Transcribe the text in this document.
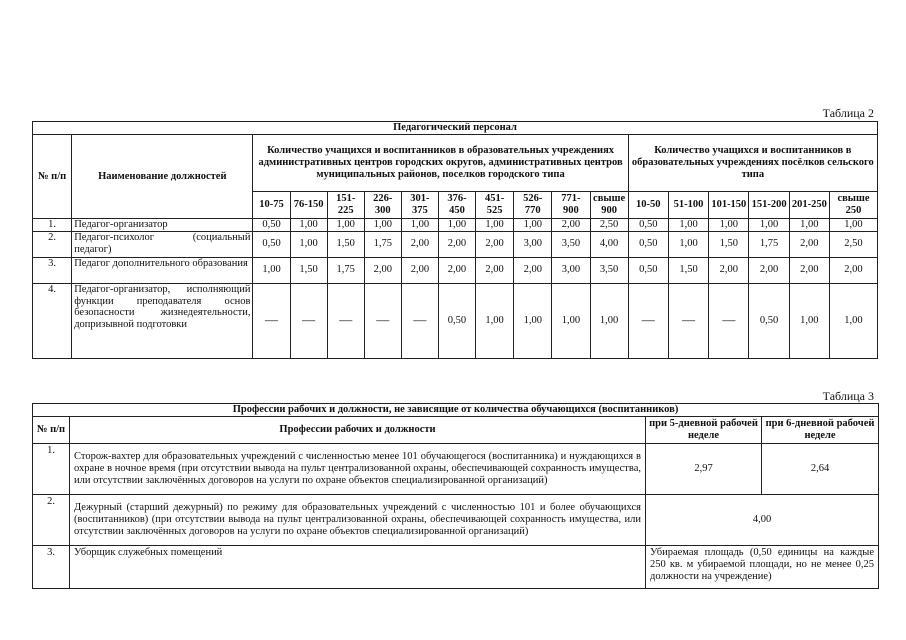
Таблица 2
Педагогический персонал																	
№ п/п	Наименование должностей	Количество учащихся и воспитанников в образовательных учреждениях административных центров городских округов, административных центров муниципальных районов, поселков городского типа										Количество учащихся и воспитанников в образовательных учреждениях посёлков сельского типа					
		10-75	76-150	151-225	226-300	301-375	376-450	451-525	526-770	771-900	свыше 900	10-50	51-100	101-150	151-200	201-250	свыше 250
1.	Педагог-организатор	0,50	1,00	1,00	1,00	1,00	1,00	1,00	1,00	2,00	2,50	0,50	1,00	1,00	1,00	1,00	1,00
2.	Педагог-психолог (социальный педагог)	0,50	1,00	1,50	1,75	2,00	2,00	2,00	3,00	3,50	4,00	0,50	1,00	1,50	1,75	2,00	2,50
3.	Педагог дополнительного образования	1,00	1,50	1,75	2,00	2,00	2,00	2,00	2,00	3,00	3,50	0,50	1,50	2,00	2,00	2,00	2,00
4.	Педагог-организатор, исполняющий функции преподавателя основ безопасности жизнедеятельности, допризывной подготовки	—	—	—	—	—	0,50	1,00	1,00	1,00	1,00	—	—	—	0,50	1,00	1,00
Таблица 3
Профессии рабочих и должности, не зависящие от количества обучающихся (воспитанников)			
№ п/п	Профессии рабочих и должности	при 5-дневной рабочей неделе	при 6-дневной рабочей неделе
1.	Сторож-вахтер для образовательных учреждений с численностью менее 101 обучающегося (воспитанника) и нуждающихся в охране в ночное время (при отсутствии вывода на пульт централизованной охраны, обеспечивающей сохранность имущества, или отсутствии заключённых договоров на услуги по охране объектов специализированной организаций)	2,97	2,64
2.	Дежурный (старший дежурный) по режиму для образовательных учреждений с численностью 101 и более обучающихся (воспитанников) (при отсутствии вывода на пульт централизованной охраны, обеспечивающей сохранность имущества, или отсутствии заключённых договоров на услуги по охране объектов специализированной организаций)	4,00	
3.	Уборщик служебных помещений	Убираемая площадь (0,50 единицы на каждые 250 кв. м убираемой площади, но не менее 0,25 должности на учреждение)	
